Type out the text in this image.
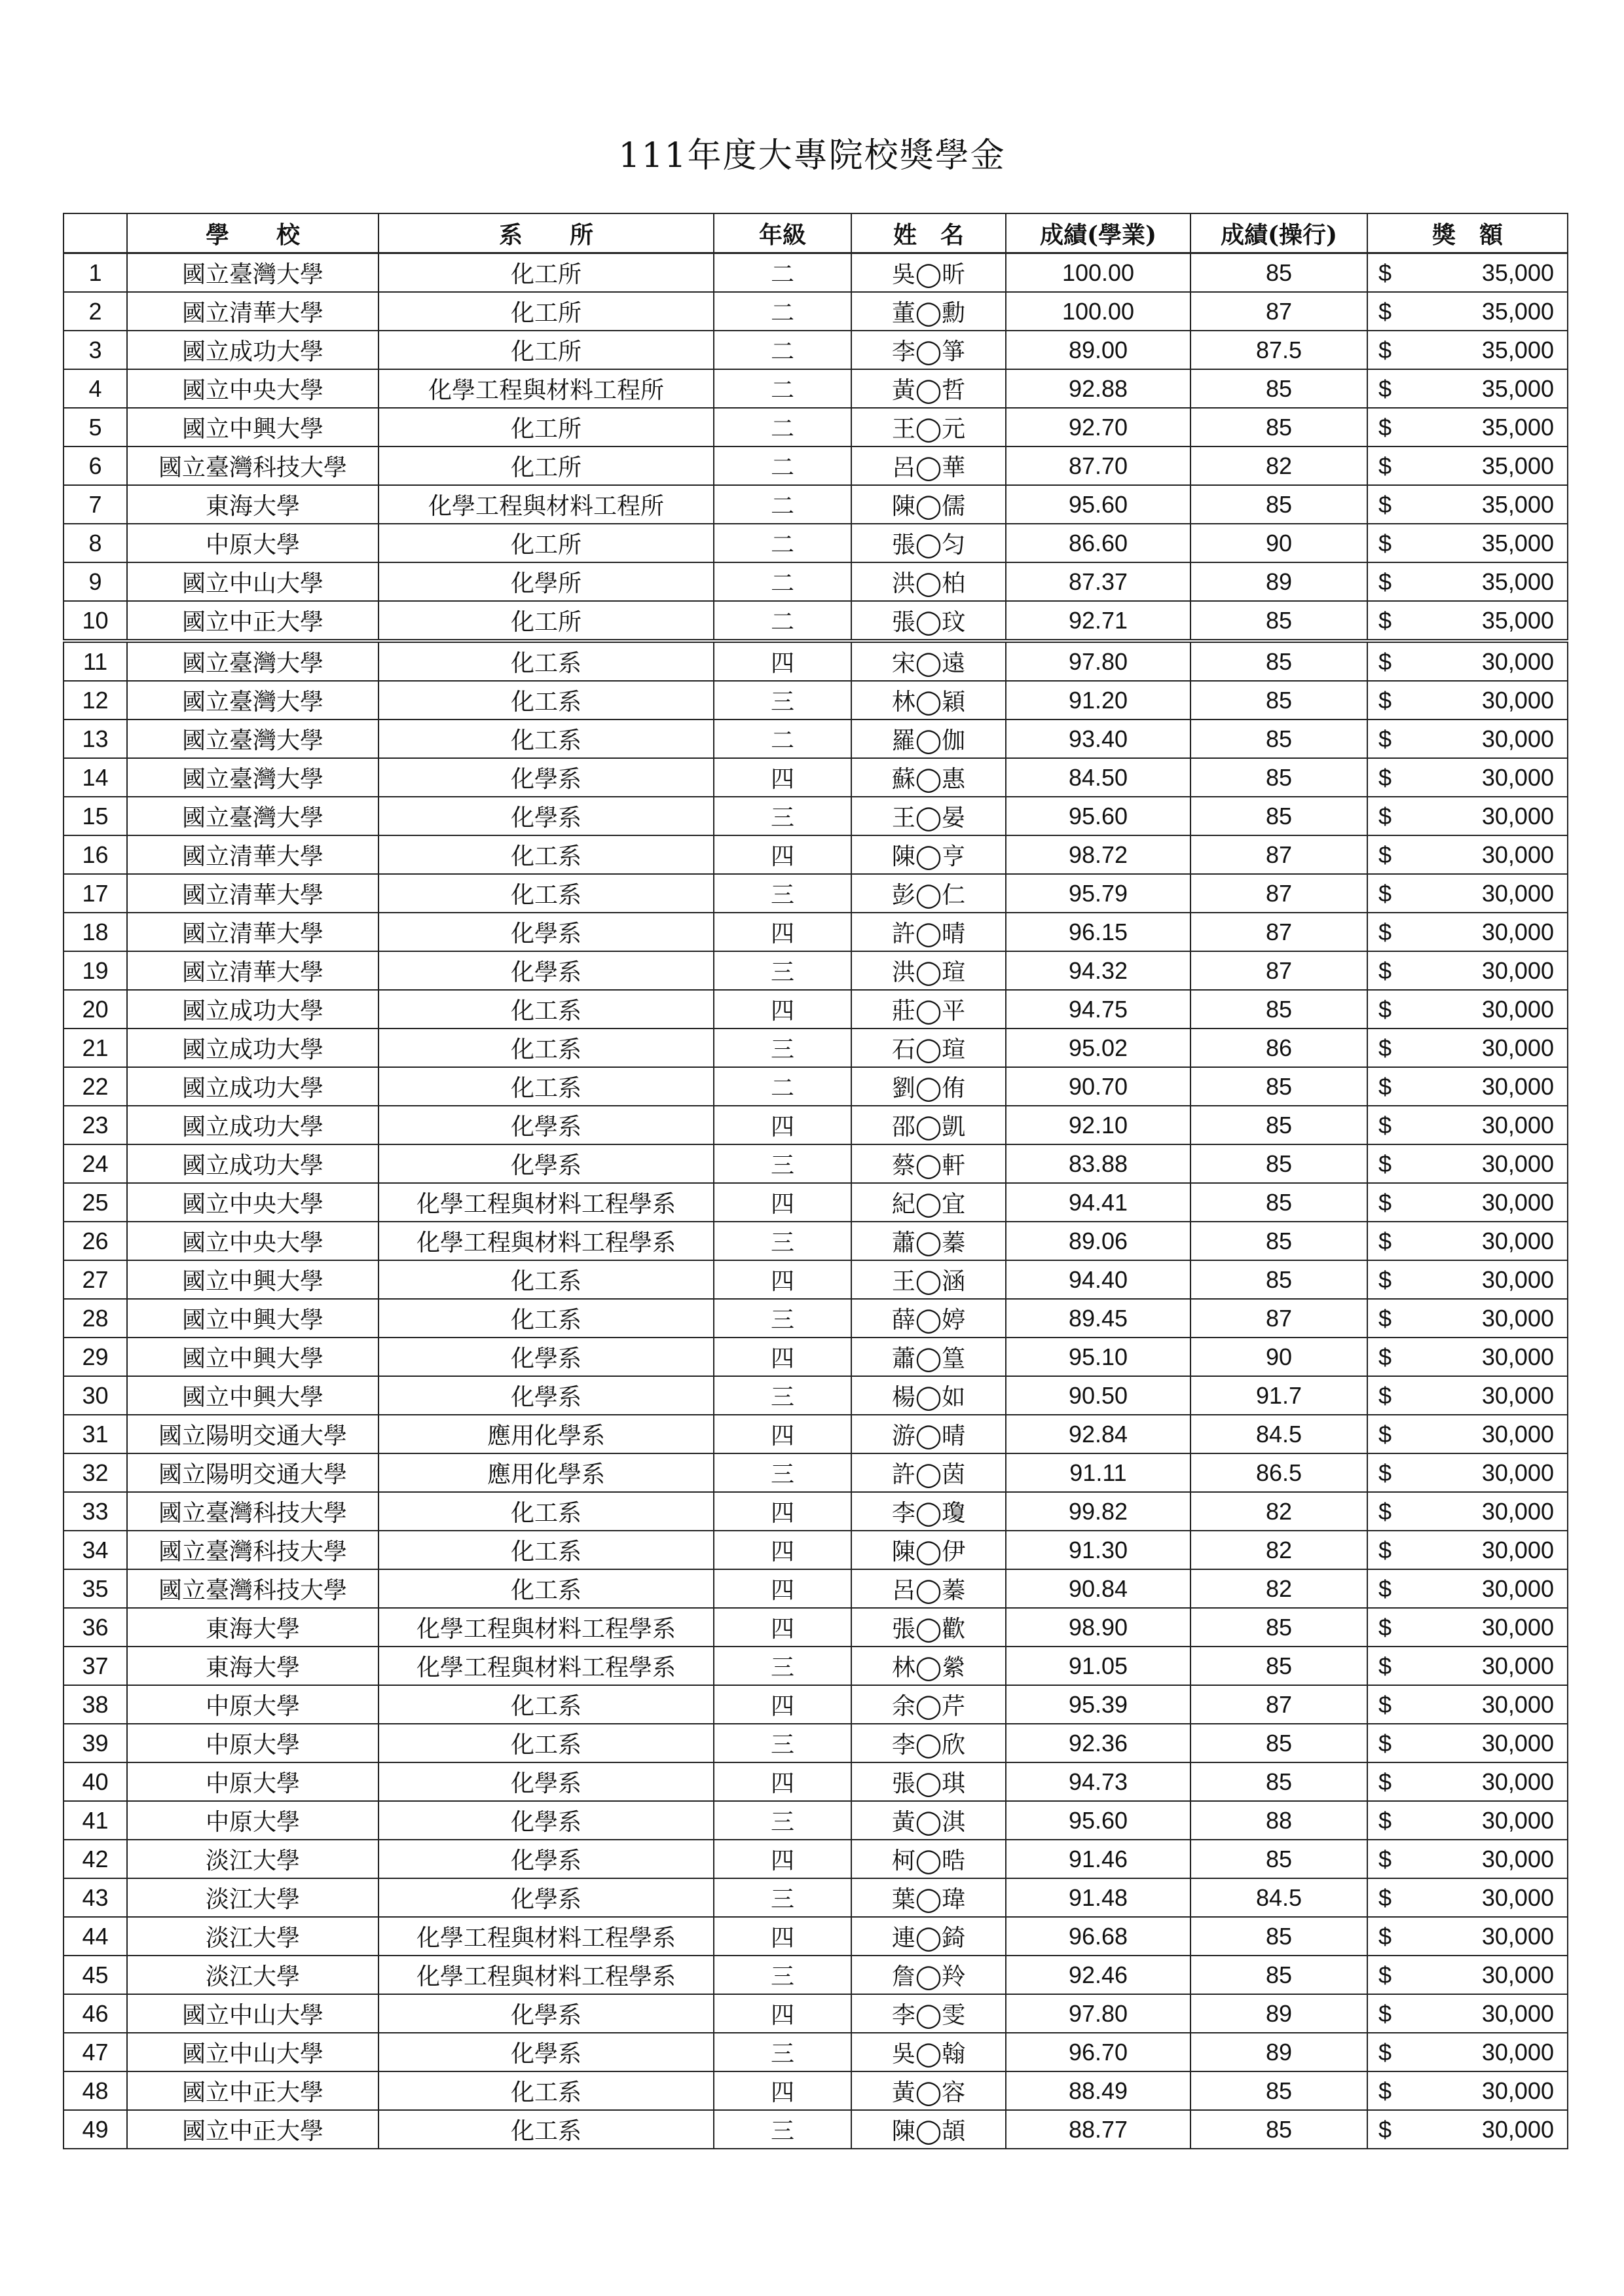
111年度大專院校獎學金
	學　　校	系　　所	年級	姓　名	成績(學業)	成績(操行)	獎　額
1	國立臺灣大學	化工所	二	吳◯昕	100.00	85	$ 35,000

2	國立清華大學	化工所	二	董◯勳	100.00	87	$ 35,000

3	國立成功大學	化工所	二	李◯箏	89.00	87.5	$ 35,000

4	國立中央大學	化學工程與材料工程所	二	黃◯哲	92.88	85	$ 35,000

5	國立中興大學	化工所	二	王◯元	92.70	85	$ 35,000

6	國立臺灣科技大學	化工所	二	呂◯華	87.70	82	$ 35,000

7	東海大學	化學工程與材料工程所	二	陳◯儒	95.60	85	$ 35,000

8	中原大學	化工所	二	張◯匀	86.60	90	$ 35,000

9	國立中山大學	化學所	二	洪◯柏	87.37	89	$ 35,000

10	國立中正大學	化工所	二	張◯玟	92.71	85	$ 35,000

11	國立臺灣大學	化工系	四	宋◯遠	97.80	85	$ 30,000

12	國立臺灣大學	化工系	三	林◯穎	91.20	85	$ 30,000

13	國立臺灣大學	化工系	二	羅◯伽	93.40	85	$ 30,000

14	國立臺灣大學	化學系	四	蘇◯惠	84.50	85	$ 30,000

15	國立臺灣大學	化學系	三	王◯晏	95.60	85	$ 30,000

16	國立清華大學	化工系	四	陳◯亨	98.72	87	$ 30,000

17	國立清華大學	化工系	三	彭◯仁	95.79	87	$ 30,000

18	國立清華大學	化學系	四	許◯晴	96.15	87	$ 30,000

19	國立清華大學	化學系	三	洪◯瑄	94.32	87	$ 30,000

20	國立成功大學	化工系	四	莊◯平	94.75	85	$ 30,000

21	國立成功大學	化工系	三	石◯瑄	95.02	86	$ 30,000

22	國立成功大學	化工系	二	劉◯侑	90.70	85	$ 30,000

23	國立成功大學	化學系	四	邵◯凱	92.10	85	$ 30,000

24	國立成功大學	化學系	三	蔡◯軒	83.88	85	$ 30,000

25	國立中央大學	化學工程與材料工程學系	四	紀◯宜	94.41	85	$ 30,000

26	國立中央大學	化學工程與材料工程學系	三	蕭◯蓁	89.06	85	$ 30,000

27	國立中興大學	化工系	四	王◯涵	94.40	85	$ 30,000

28	國立中興大學	化工系	三	薛◯婷	89.45	87	$ 30,000

29	國立中興大學	化學系	四	蕭◯篁	95.10	90	$ 30,000

30	國立中興大學	化學系	三	楊◯如	90.50	91.7	$ 30,000

31	國立陽明交通大學	應用化學系	四	游◯晴	92.84	84.5	$ 30,000

32	國立陽明交通大學	應用化學系	三	許◯茵	91.11	86.5	$ 30,000

33	國立臺灣科技大學	化工系	四	李◯瓊	99.82	82	$ 30,000

34	國立臺灣科技大學	化工系	四	陳◯伊	91.30	82	$ 30,000

35	國立臺灣科技大學	化工系	四	呂◯蓁	90.84	82	$ 30,000

36	東海大學	化學工程與材料工程學系	四	張◯歡	98.90	85	$ 30,000

37	東海大學	化學工程與材料工程學系	三	林◯縈	91.05	85	$ 30,000

38	中原大學	化工系	四	余◯芹	95.39	87	$ 30,000

39	中原大學	化工系	三	李◯欣	92.36	85	$ 30,000

40	中原大學	化學系	四	張◯琪	94.73	85	$ 30,000

41	中原大學	化學系	三	黃◯淇	95.60	88	$ 30,000

42	淡江大學	化學系	四	柯◯晧	91.46	85	$ 30,000

43	淡江大學	化學系	三	葉◯瑋	91.48	84.5	$ 30,000

44	淡江大學	化學工程與材料工程學系	四	連◯錡	96.68	85	$ 30,000

45	淡江大學	化學工程與材料工程學系	三	詹◯羚	92.46	85	$ 30,000

46	國立中山大學	化學系	四	李◯雯	97.80	89	$ 30,000

47	國立中山大學	化學系	三	吳◯翰	96.70	89	$ 30,000

48	國立中正大學	化工系	四	黃◯容	88.49	85	$ 30,000

49	國立中正大學	化工系	三	陳◯頡	88.77	85	$ 30,000
